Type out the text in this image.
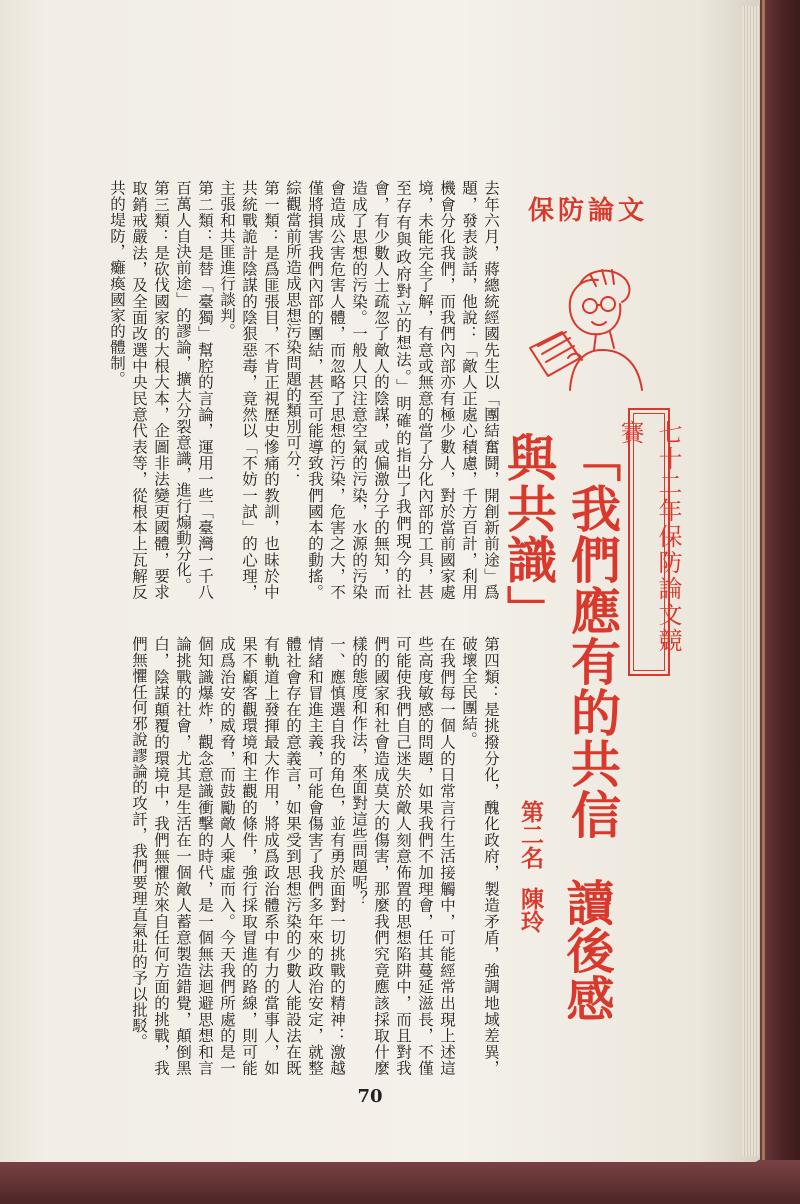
保防論文
七十二年保防論文競賽
「我們應有的共信與共識」
讀後感
第二名陳玲

去年六月，蔣總統經國先生以「團結奮鬪，開創新前途」爲題，發表談話，他說：「敵人正處心積慮，千方百計，利用機會分化我們，而我們內部亦有極少數人，對於當前國家處境，未能完全了解，有意或無意的當了分化內部的工具，甚至存有與政府對立的想法。」明確的指出了我們現今的社會，有少數人士疏忽了敵人的陰謀，或偏激分子的無知，而造成了思想的污染。一般人只注意空氣的污染，水源的污染會造成公害危害人體，而忽略了思想的污染，危害之大，不僅將損害我們內部的團結，甚至可能導致我們國本的動搖。綜觀當前所造成思想污染問題的類別可分：

第一類：是爲匪張目，不肯正視歷史慘痛的教訓，也昧於中共統戰詭計陰謀的陰狠惡毒，竟然以「不妨一試」的心理，主張和共匪進行談判。

第二類：是替「臺獨」幫腔的言論，運用一些「臺灣一千八百萬人自決前途」的謬論，擴大分裂意識，進行煽動分化。

第三類：是砍伐國家的大根大本，企圖非法變更國體，要求取銷戒嚴法，及全面改選中央民意代表等，從根本上瓦解反共的堤防，癱瘓國家的體制。

第四類：是挑撥分化，醜化政府，製造矛盾，強調地域差異，破壞全民團結。

在我們每一個人的日常言行生活接觸中，可能經常出現上述這些高度敏感的問題，如果我們不加理會，任其蔓延滋長，不僅可能使我們自己迷失於敵人刻意佈置的思想陷阱中，而且對我們的國家和社會造成莫大的傷害，那麼我們究竟應該採取什麼樣的態度和作法，來面對這些問題呢？

一、應慎選自我的角色，並有勇於面對一切挑戰的精神：激越情緒和冒進主義，可能會傷害了我們多年來的政治安定，就整體社會存在的意義言，如果受到思想污染的少數人能設法在既有軌道上發揮最大作用，將成爲政治體系中有力的當事人，如果不顧客觀環境和主觀的條件，強行採取冒進的路線，則可能成爲治安的威脅，而鼓勵敵人乘虛而入。今天我們所處的是一個知識爆炸，觀念意識衝擊的時代，是一個無法迴避思想和言論挑戰的社會，尤其是生活在一個敵人蓄意製造錯覺，顛倒黑白，陰謀顛覆的環境中，我們無懼於來自任何方面的挑戰，我們無懼任何邪說謬論的攻訐，我們要理直氣壯的予以批駁。

70
